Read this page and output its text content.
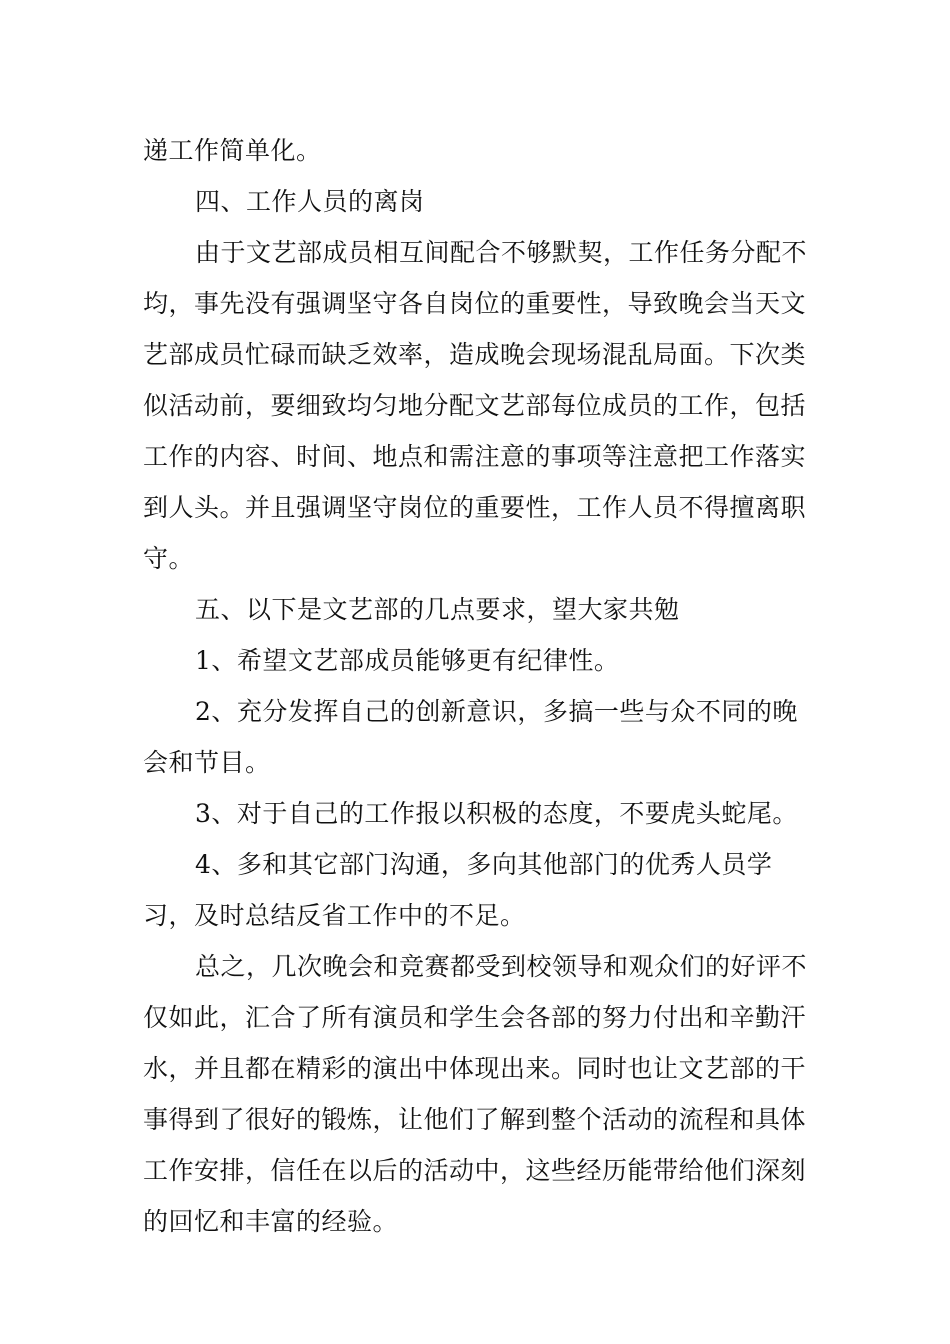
递工作简单化。

四、工作人员的离岗

由于文艺部成员相互间配合不够默契，工作任务分配不均，事先没有强调坚守各自岗位的重要性，导致晚会当天文艺部成员忙碌而缺乏效率，造成晚会现场混乱局面。下次类似活动前，要细致均匀地分配文艺部每位成员的工作，包括工作的内容、时间、地点和需注意的事项等注意把工作落实到人头。并且强调坚守岗位的重要性，工作人员不得擅离职守。

五、以下是文艺部的几点要求，望大家共勉

1、希望文艺部成员能够更有纪律性。

2、充分发挥自己的创新意识，多搞一些与众不同的晚会和节目。

3、对于自己的工作报以积极的态度，不要虎头蛇尾。

4、多和其它部门沟通，多向其他部门的优秀人员学习，及时总结反省工作中的不足。

总之，几次晚会和竞赛都受到校领导和观众们的好评不仅如此，汇合了所有演员和学生会各部的努力付出和辛勤汗水，并且都在精彩的演出中体现出来。同时也让文艺部的干事得到了很好的锻炼，让他们了解到整个活动的流程和具体工作安排，信任在以后的活动中，这些经历能带给他们深刻的回忆和丰富的经验。
